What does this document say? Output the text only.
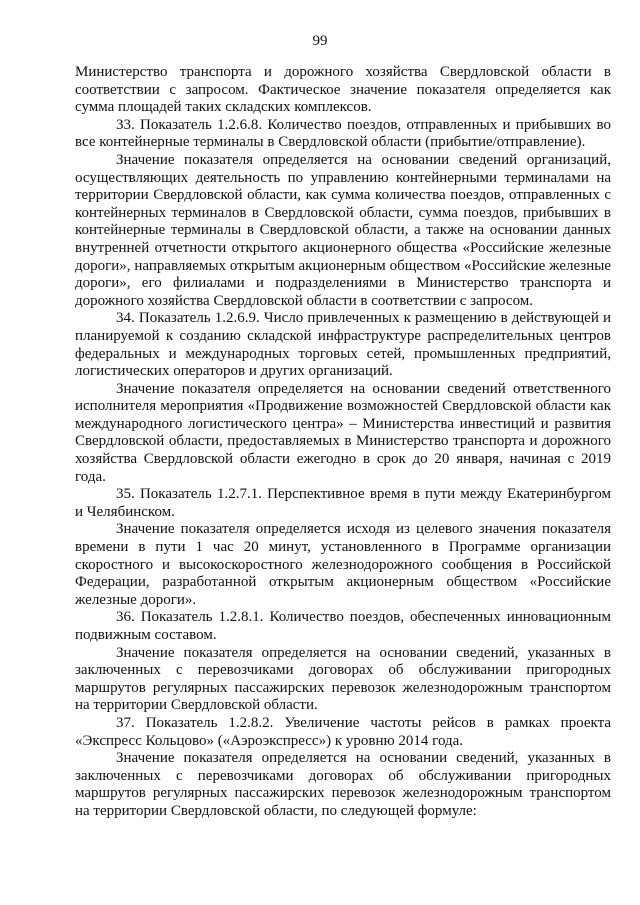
99

Министерство транспорта и дорожного хозяйства Свердловской области в соответствии с запросом. Фактическое значение показателя определяется как сумма площадей таких складских комплексов.

33. Показатель 1.2.6.8. Количество поездов, отправленных и прибывших во все контейнерные терминалы в Свердловской области (прибытие/отправление).

Значение показателя определяется на основании сведений организаций, осуществляющих деятельность по управлению контейнерными терминалами на территории Свердловской области, как сумма количества поездов, отправленных с контейнерных терминалов в Свердловской области, сумма поездов, прибывших в контейнерные терминалы в Свердловской области, а также на основании данных внутренней отчетности открытого акционерного общества «Российские железные дороги», направляемых открытым акционерным обществом «Российские железные дороги», его филиалами и подразделениями в Министерство транспорта и дорожного хозяйства Свердловской области в соответствии с запросом.

34. Показатель 1.2.6.9. Число привлеченных к размещению в действующей и планируемой к созданию складской инфраструктуре распределительных центров федеральных и международных торговых сетей, промышленных предприятий, логистических операторов и других организаций.

Значение показателя определяется на основании сведений ответственного исполнителя мероприятия «Продвижение возможностей Свердловской области как международного логистического центра» – Министерства инвестиций и развития Свердловской области, предоставляемых в Министерство транспорта и дорожного хозяйства Свердловской области ежегодно в срок до 20 января, начиная с 2019 года.

35. Показатель 1.2.7.1. Перспективное время в пути между Екатеринбургом и Челябинском.

Значение показателя определяется исходя из целевого значения показателя времени в пути 1 час 20 минут, установленного в Программе организации скоростного и высокоскоростного железнодорожного сообщения в Российской Федерации, разработанной открытым акционерным обществом «Российские железные дороги».

36. Показатель 1.2.8.1. Количество поездов, обеспеченных инновационным подвижным составом.

Значение показателя определяется на основании сведений, указанных в заключенных с перевозчиками договорах об обслуживании пригородных маршрутов регулярных пассажирских перевозок железнодорожным транспортом на территории Свердловской области.

37. Показатель 1.2.8.2. Увеличение частоты рейсов в рамках проекта «Экспресс Кольцово» («Аэроэкспресс») к уровню 2014 года.

Значение показателя определяется на основании сведений, указанных в заключенных с перевозчиками договорах об обслуживании пригородных маршрутов регулярных пассажирских перевозок железнодорожным транспортом на территории Свердловской области, по следующей формуле:
